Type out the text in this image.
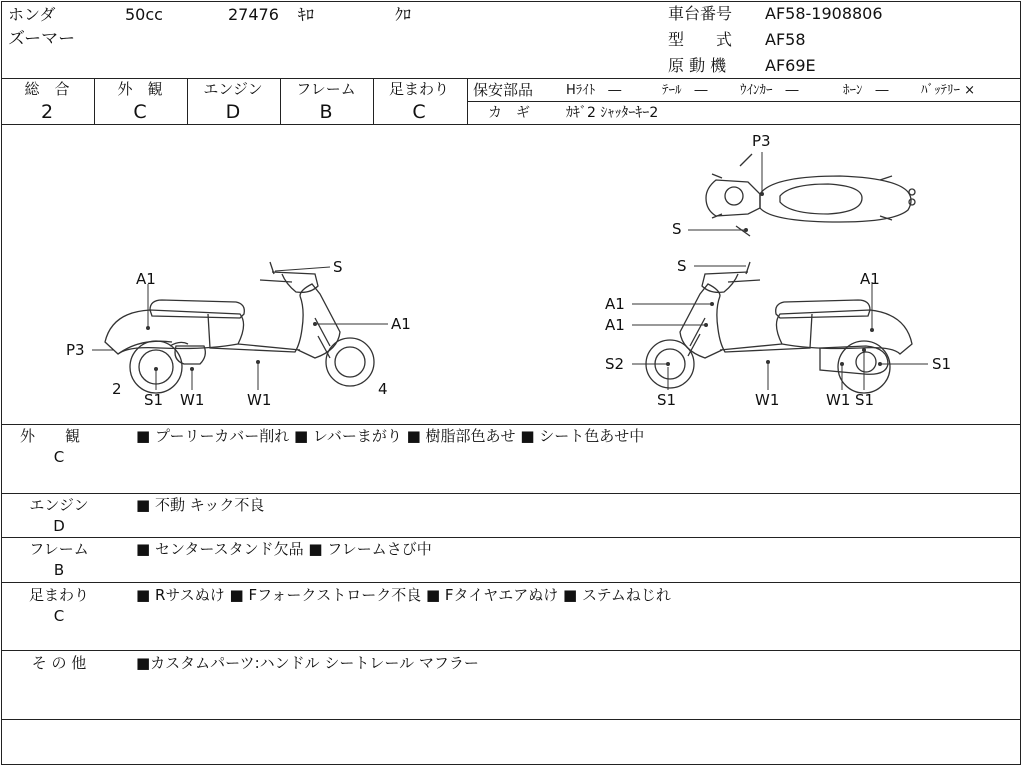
ホンダ
ズーマー
50cc	27476 ｷﾛ	ｸﾛ	車台番号 AF58-1908806
型　　式 AF58
原 動 機 AF69E
総　合
2
外　観
C
エンジン
D
フレーム
B
足まわり
C
保安部品	Hﾗｲﾄ　―	ﾃｰﾙ　― ｳｲﾝｶｰ　―	ﾎｰﾝ　― ﾊﾞｯﾃﾘｰ ×
カ　ギ	ｶｷﾞ2 ｼｬｯﾀｰｷｰ2
A1
S
A1
P3
2
S1 W1	W1
4
P3
S
S
A1
A1
A1
S2
S1	W1	W1 S1
S1
外　　観
C
■ プーリーカバー削れ ■ レバーまがり ■ 樹脂部色あせ ■ シート色あせ中
エンジン
D
■ 不動 キック不良
フレーム
B
■ センタースタンド欠品 ■ フレームさび中
足まわり
C
■ Rサスぬけ ■ Fフォークストローク不良 ■ Fタイヤエアぬけ ■ ステムねじれ
そ の 他	■カスタムパーツ:ハンドル シートレール マフラー
